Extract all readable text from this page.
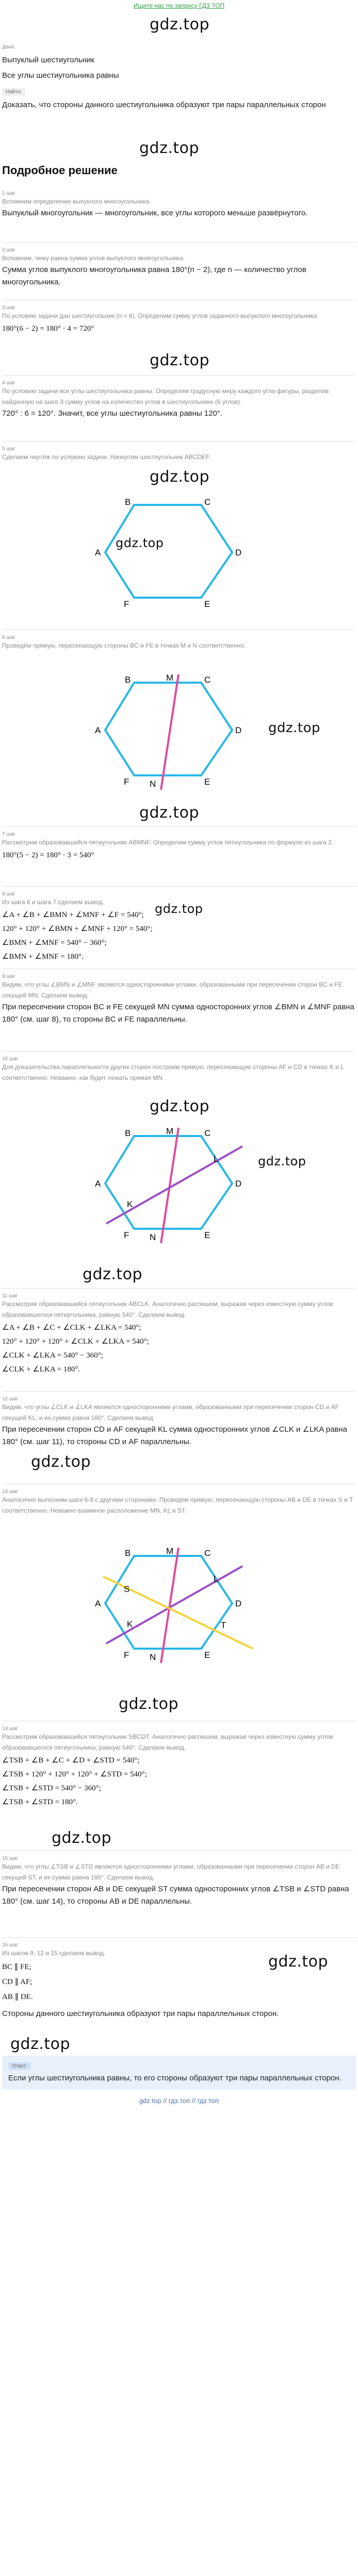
Ищите нас по запросу ГДЗ ТОП
gdz.top
Дано:
Выпуклый шестиугольник
Все углы шестиугольника равны
Найти:
Доказать, что стороны данного шестиугольника образуют три пары параллельных сторон
gdz.top
Подробное решение
1 шаг
Вспомним определение выпуклого многоугольника.
Выпуклый многоугольник — многоугольник, все углы которого меньше развёрнутого.
2 шаг
Вспомним, чему равна сумма углов выпуклого многоугольника.
Сумма углов выпуклого многоугольника равна 180°(n − 2), где n — количество углов многоугольника.
3 шаг
По условию задачи дан шестиугольник (n = 6). Определим сумму углов заданного выпуклого многоугольника.
180°(6 − 2) = 180° · 4 = 720°
gdz.top
4 шаг
По условию задачи все углы шестиугольника равны. Определим градусную меру каждого угла фигуры, разделив найденную на шаге 3 сумму углов на количество углов в шестиугольнике (6 углов).
720° : 6 = 120°. Значит, все углы шестиугольника равны 120°.
5 шаг
Сделаем чертёж по условию задачи. Начертим шестиугольник ABCDEF.
gdz.top
B	C
D
E
F
A
gdz.top
6 шаг
Проведём прямую, пересекающую стороны BC и FE в точках M и N соответственно.
B	M	C
D
E
N
F
A	gdz.top
gdz.top
7 шаг
Рассмотрим образовавшийся пятиугольник ABMNF. Определим сумму углов пятиугольника по формуле из шага 2.
180°(5 − 2) = 180° · 3 = 540°
8 шаг
Из шага 6 и шага 7 сделаем вывод.
∠A + ∠B + ∠BMN + ∠MNF + ∠F = 540°;
120° + 120° + ∠BMN + ∠MNF + 120° = 540°;
∠BMN + ∠MNF = 540° − 360°;
∠BMN + ∠MNF = 180°.
gdz.top
9 шаг
Видим, что углы ∠BMN и ∠MNF являются односторонними углами, образованными при пересечении сторон BC и FE секущей MN. Сделаем вывод.
При пересечении сторон BC и FE секущей MN сумма односторонних углов ∠BMN и ∠MNF равна 180° (см. шаг 8), то стороны BC и FE параллельны.
10 шаг
Для доказательства параллельности других сторон построим прямую, пересекающую стороны AF и CD в точках K и L соответственно. Неважно, как будет лежать прямая MN.
gdz.top
B	M	C
L
D
E
N
F
K
A
gdz.top
gdz.top
11 шаг
Рассмотрим образовавшийся пятиугольник ABCLK. Аналогично распишем, выражая через известную сумму углов образовавшегося пятиугольника, равную 540°. Сделаем вывод.
∠A + ∠B + ∠C + ∠CLK + ∠LKA = 540°;
120° + 120° + 120° + ∠CLK + ∠LKA = 540°;
∠CLK + ∠LKA = 540° − 360°;
∠CLK + ∠LKA = 180°.
12 шаг
Видим, что углы ∠CLK и ∠LKA являются односторонними углами, образованными при пересечении сторон CD и AF секущей KL, и их сумма равна 180°. Сделаем вывод.
При пересечении сторон CD и AF секущей KL сумма односторонних углов ∠CLK и ∠LKA равна 180° (см. шаг 11), то стороны CD и AF параллельны.
gdz.top
13 шаг
Аналогично выполним шаги 6-9 с другими сторонами. Проведём прямую, пересекающую стороны AB и DE в точках S и T соответственно. Неважно взаимное расположение MN, KL и ST.
B	M	C
S
L
D
T
E
N
F
K
A
gdz.top
14 шаг
Рассмотрим образовавшийся пятиугольник SBCDT. Аналогично распишем, выражая через известную сумму углов образовавшегося пятиугольника, равную 540°. Сделаем вывод.
∠TSB + ∠B + ∠C + ∠D + ∠STD = 540°;
∠TSB + 120° + 120° + 120° + ∠STD = 540°;
∠TSB + ∠STD = 540° − 360°;
∠TSB + ∠STD = 180°.
gdz.top
15 шаг
Видим, что углы ∠TSB и ∠STD являются односторонними углами, образованными при пересечении сторон AB и DE секущей ST, и их сумма равна 180°. Сделаем вывод.
При пересечении сторон AB и DE секущей ST сумма односторонних углов ∠TSB и ∠STD равна 180° (см. шаг 14), то стороны AB и DE параллельны.
16 шаг
Из шагов 9, 12 и 15 сделаем вывод.
BC ∥ FE;
CD ∥ AF;
AB ∥ DE.
Стороны данного шестиугольника образуют три пары параллельных сторон.
gdz.top
gdz.top
Ответ:
Если углы шестиугольника равны, то его стороны образуют три пары параллельных сторон.
gdz.top // гдз.топ // гдз топ
